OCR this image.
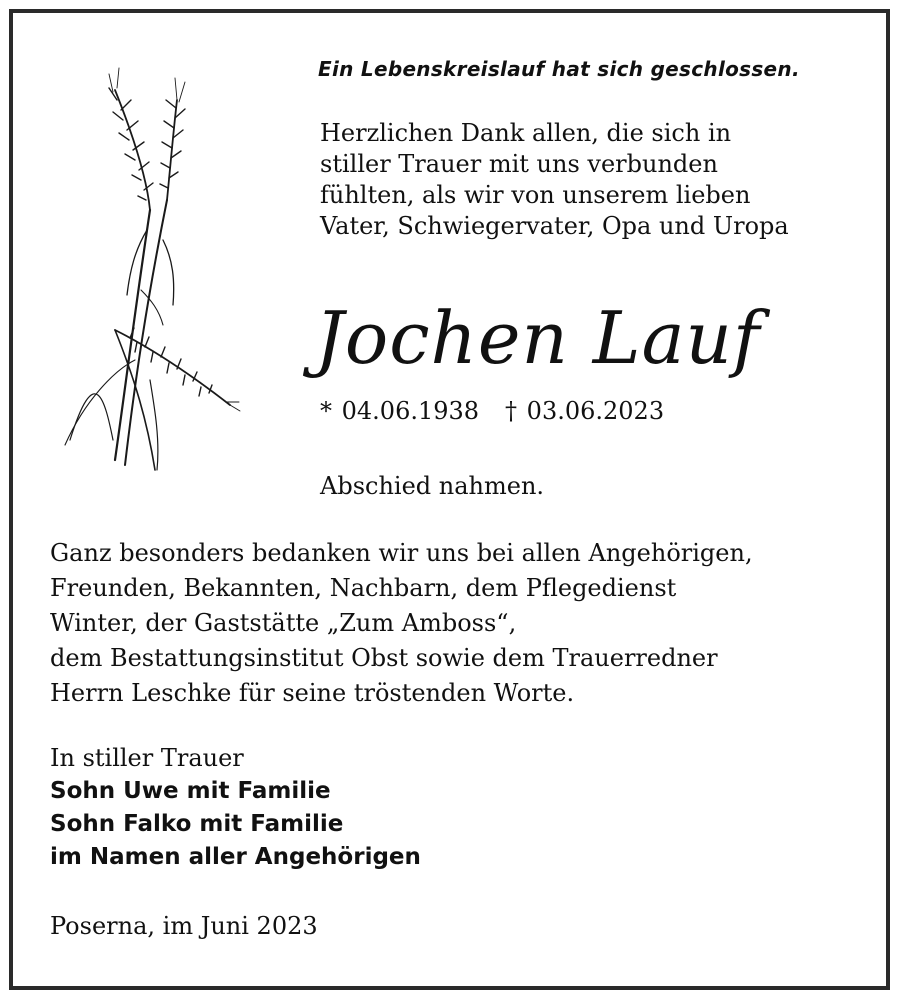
Ein Lebenskreislauf hat sich geschlossen.
Herzlichen Dank allen, die sich in
stiller Trauer mit uns verbunden
fühlten, als wir von unserem lieben
Vater, Schwiegervater, Opa und Uropa
Jochen Lauf
* 04.06.1938 † 03.06.2023
Abschied nahmen.
Ganz besonders bedanken wir uns bei allen Angehörigen,
Freunden, Bekannten, Nachbarn, dem Pflegedienst
Winter, der Gaststätte „Zum Amboss“,
dem Bestattungsinstitut Obst sowie dem Trauerredner
Herrn Leschke für seine tröstenden Worte.
In stiller Trauer
Sohn Uwe mit Familie
Sohn Falko mit Familie
im Namen aller Angehörigen
Poserna, im Juni 2023
